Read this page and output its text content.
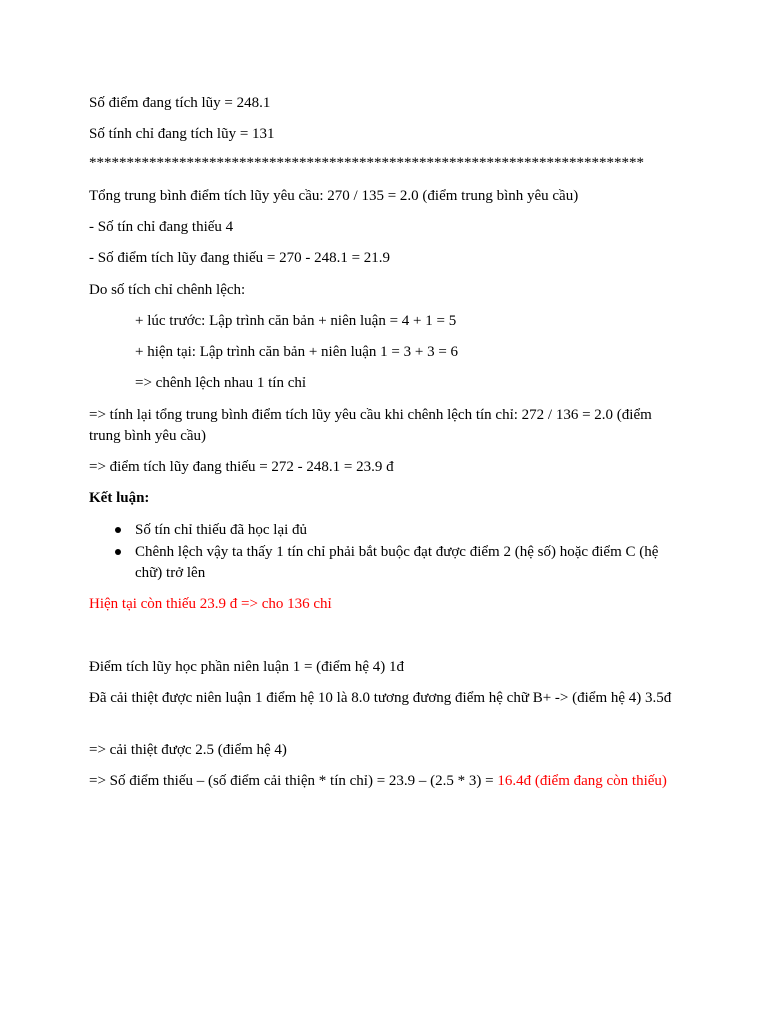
Số điểm đang tích lũy = 248.1
Số tính chỉ đang tích lũy = 131
**************************************************************************
Tổng trung bình điểm tích lũy yêu cầu: 270 / 135 = 2.0 (điểm trung bình yêu cầu)
- Số tín chỉ đang thiếu 4
- Số điểm tích lũy đang thiếu = 270 - 248.1 = 21.9
Do số tích chỉ chênh lệch:
+ lúc trước: Lập trình căn bản + niên luận = 4 + 1 = 5
+ hiện tại: Lập trình căn bản + niên luận 1 = 3 + 3 = 6
=> chênh lệch nhau 1 tín chỉ
=> tính lại tổng trung bình điểm tích lũy yêu cầu khi chênh lệch tín chỉ: 272 / 136 = 2.0 (điểm trung bình yêu cầu)
=> điểm tích lũy đang thiếu = 272 - 248.1 = 23.9 đ
Kết luận:
Số tín chỉ thiếu đã học lại đủ
Chênh lệch vậy ta thấy 1 tín chỉ phải bắt buộc đạt được điểm 2 (hệ số) hoặc điểm C (hệ chữ) trở lên
Hiện tại còn thiếu 23.9 đ => cho 136 chỉ
Điểm tích lũy học phần niên luận 1 = (điểm hệ 4) 1đ
Đã cải thiệt được niên luận 1 điểm hệ 10 là 8.0 tương đương điểm hệ chữ B+ -> (điểm hệ 4) 3.5đ
=> cải thiệt được 2.5 (điểm hệ 4)
=> Số điểm thiếu – (số điểm cải thiện * tín chỉ) = 23.9 – (2.5 * 3) = 16.4đ (điểm đang còn thiếu)
